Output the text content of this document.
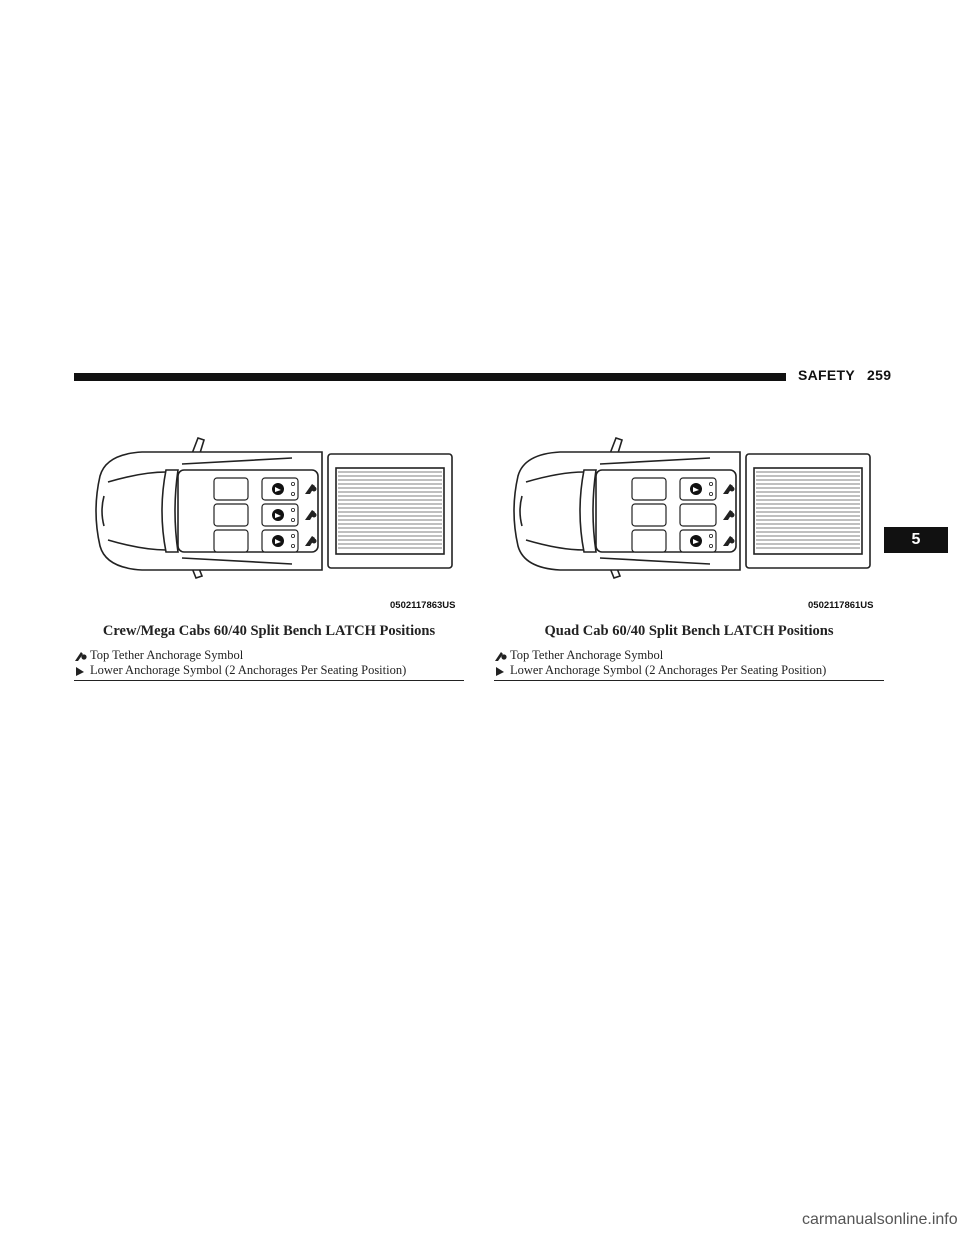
SAFETY 259
5
0502117863US
Crew/Mega Cabs 60/40 Split Bench LATCH Positions
Top Tether Anchorage Symbol
Lower Anchorage Symbol (2 Anchorages Per Seating Position)
0502117861US
Quad Cab 60/40 Split Bench LATCH Positions
Top Tether Anchorage Symbol
Lower Anchorage Symbol (2 Anchorages Per Seating Position)
carmanualsonline.info
